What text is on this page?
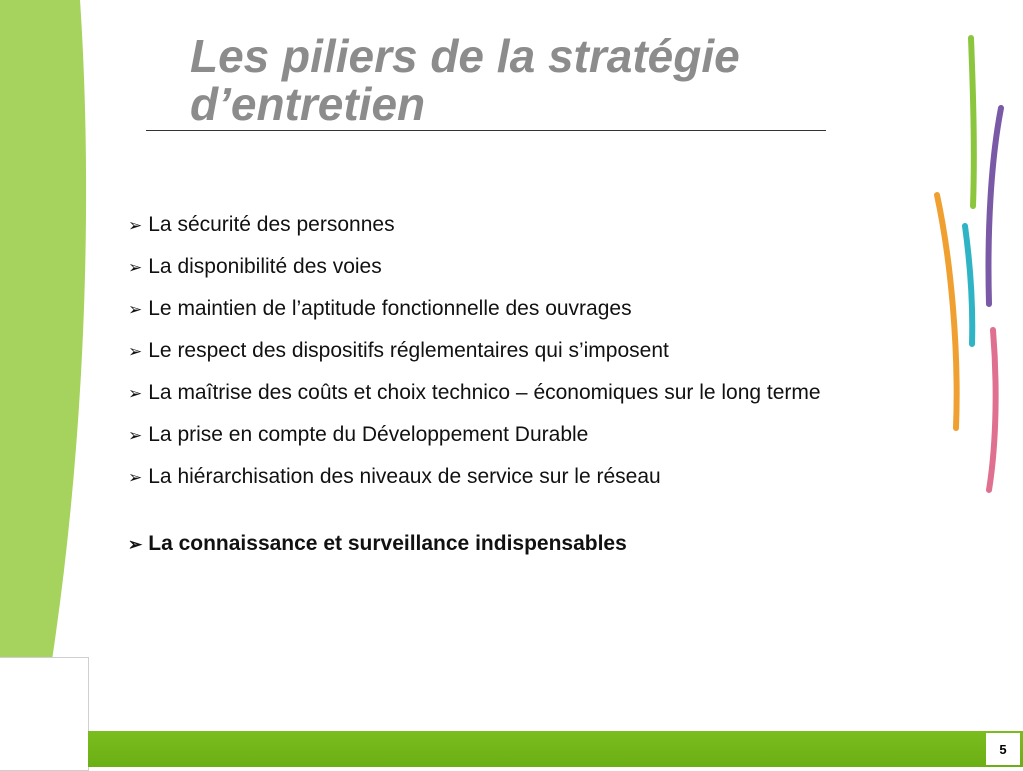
5
Les piliers de la stratégie d’entretien
➢ La sécurité des personnes
➢ La disponibilité des voies
➢ Le maintien de l’aptitude fonctionnelle des ouvrages
➢ Le respect des dispositifs réglementaires qui s’imposent
➢ La maîtrise des coûts et choix technico – économiques sur le long terme
➢ La prise en compte du Développement Durable
➢ La hiérarchisation des niveaux de service sur le réseau
➢ La connaissance et surveillance indispensables
